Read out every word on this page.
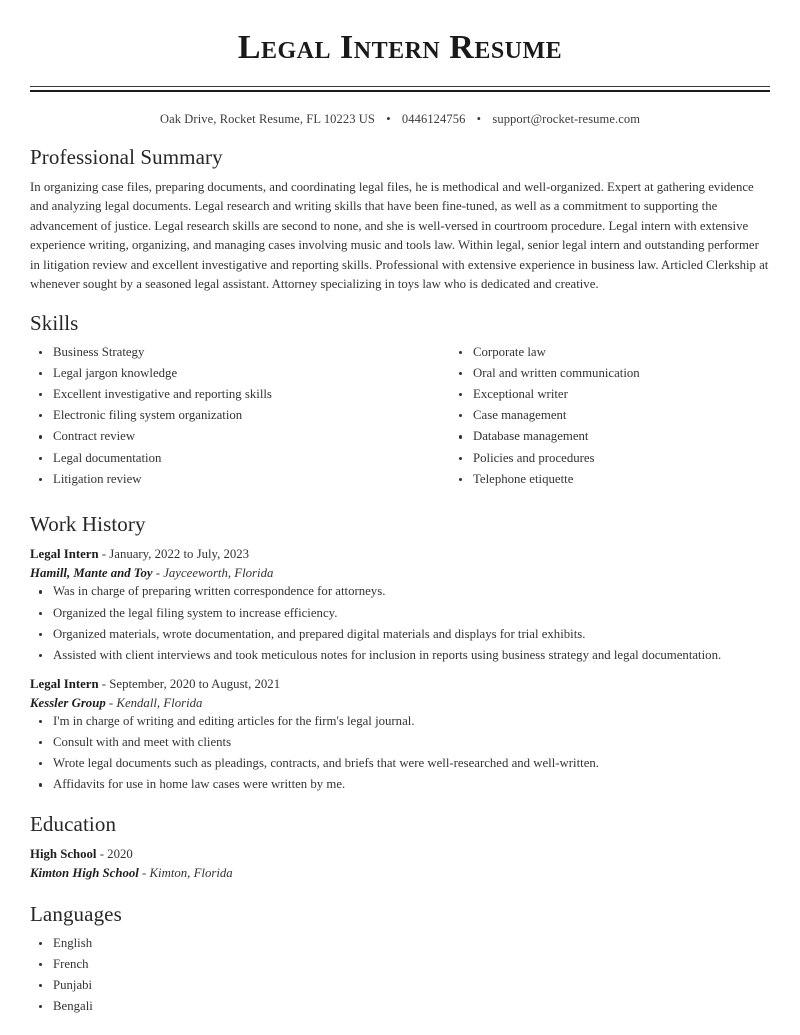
Legal Intern Resume
Oak Drive, Rocket Resume, FL 10223 US • 0446124756 • support@rocket-resume.com
Professional Summary

In organizing case files, preparing documents, and coordinating legal files, he is methodical and well-organized. Expert at gathering evidence and analyzing legal documents. Legal research and writing skills that have been fine-tuned, as well as a commitment to supporting the advancement of justice. Legal research skills are second to none, and she is well-versed in courtroom procedure. Legal intern with extensive experience writing, organizing, and managing cases involving music and tools law. Within legal, senior legal intern and outstanding performer in litigation review and excellent investigative and reporting skills. Professional with extensive experience in business law. Articled Clerkship at whenever sought by a seasoned legal assistant. Attorney specializing in toys law who is dedicated and creative.

Skills
Business Strategy
Legal jargon knowledge
Excellent investigative and reporting skills
Electronic filing system organization
Contract review
Legal documentation
Litigation review
Corporate law
Oral and written communication
Exceptional writer
Case management
Database management
Policies and procedures
Telephone etiquette
Work History
Legal Intern - January, 2022 to July, 2023
Hamill, Mante and Toy - Jayceeworth, Florida
Was in charge of preparing written correspondence for attorneys.
Organized the legal filing system to increase efficiency.
Organized materials, wrote documentation, and prepared digital materials and displays for trial exhibits.
Assisted with client interviews and took meticulous notes for inclusion in reports using business strategy and legal documentation.
Legal Intern - September, 2020 to August, 2021
Kessler Group - Kendall, Florida
I'm in charge of writing and editing articles for the firm's legal journal.
Consult with and meet with clients
Wrote legal documents such as pleadings, contracts, and briefs that were well-researched and well-written.
Affidavits for use in home law cases were written by me.
Education
High School - 2020
Kimton High School - Kimton, Florida
Languages
English
French
Punjabi
Bengali
